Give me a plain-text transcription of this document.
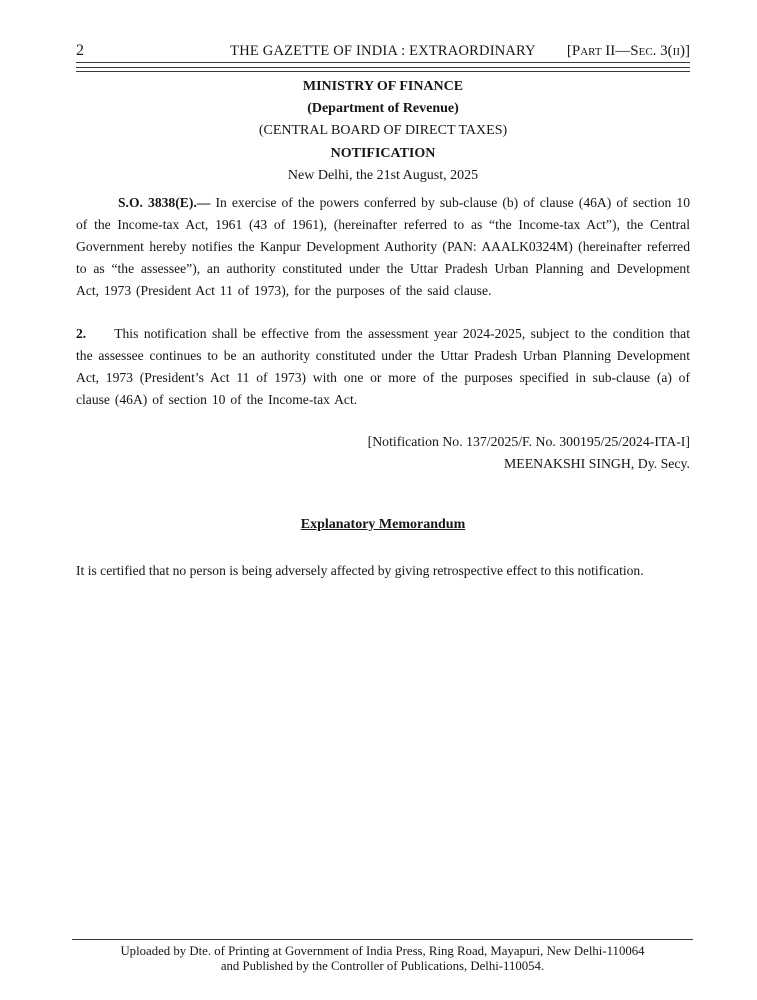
2	THE GAZETTE OF INDIA : EXTRAORDINARY [Part II—Sec. 3(ii)]
MINISTRY OF FINANCE
(Department of Revenue)
(CENTRAL BOARD OF DIRECT TAXES)
NOTIFICATION
New Delhi, the 21st August, 2025
S.O. 3838(E).— In exercise of the powers conferred by sub-clause (b) of clause (46A) of section 10 of the Income-tax Act, 1961 (43 of 1961), (hereinafter referred to as “the Income-tax Act”), the Central Government hereby notifies the Kanpur Development Authority (PAN: AAALK0324M) (hereinafter referred to as “the assessee”), an authority constituted under the Uttar Pradesh Urban Planning and Development Act, 1973 (President Act 11 of 1973), for the purposes of the said clause.
2. This notification shall be effective from the assessment year 2024-2025, subject to the condition that the assessee continues to be an authority constituted under the Uttar Pradesh Urban Planning Development Act, 1973 (President’s Act 11 of 1973) with one or more of the purposes specified in sub-clause (a) of clause (46A) of section 10 of the Income-tax Act.
[Notification No. 137/2025/F. No. 300195/25/2024-ITA-I]
MEENAKSHI SINGH, Dy. Secy.
Explanatory Memorandum
It is certified that no person is being adversely affected by giving retrospective effect to this notification.
Uploaded by Dte. of Printing at Government of India Press, Ring Road, Mayapuri, New Delhi-110064
and Published by the Controller of Publications, Delhi-110054.
